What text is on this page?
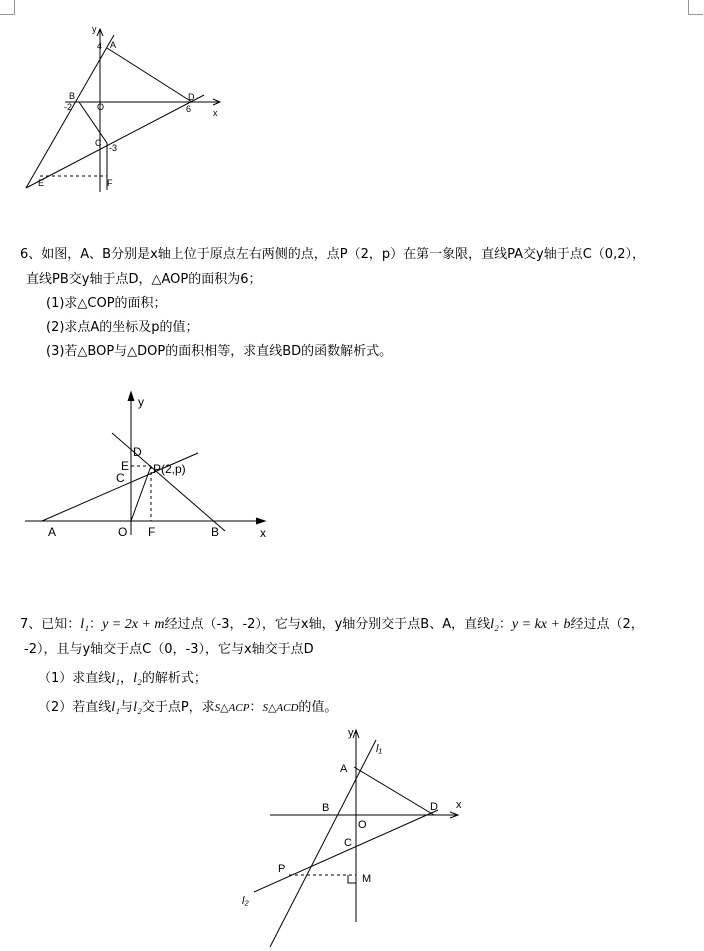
y
x
4 A
B
-2	O
D
6
C -3
E	F
6、如图，A、B分别是x轴上位于原点左右两侧的点，点P（2，p）在第一象限，直线PA交y轴于点C（0,2），
直线PB交y轴于点D，△AOP的面积为6；
(1)求△COP的面积；
(2)求点A的坐标及p的值；
(3)若△BOP与△DOP的面积相等，求直线BD的函数解析式。
y
x
D
E
C
P(2,p)
A	O F	B
7、已知：l₁：y = 2x + m经过点（-3，-2），它与x轴，y轴分别交于点B、A，直线l₂：y = kx + b经过点（2，
-2），且与y轴交于点C（0，-3），它与x轴交于点D
（1）求直线l₁，l₂的解析式；
（2）若直线l₁与l₂交于点P，求S△ACP：S△ACD的值。
y
l₁
x
A
B	D
O
C
P
M
l₂
